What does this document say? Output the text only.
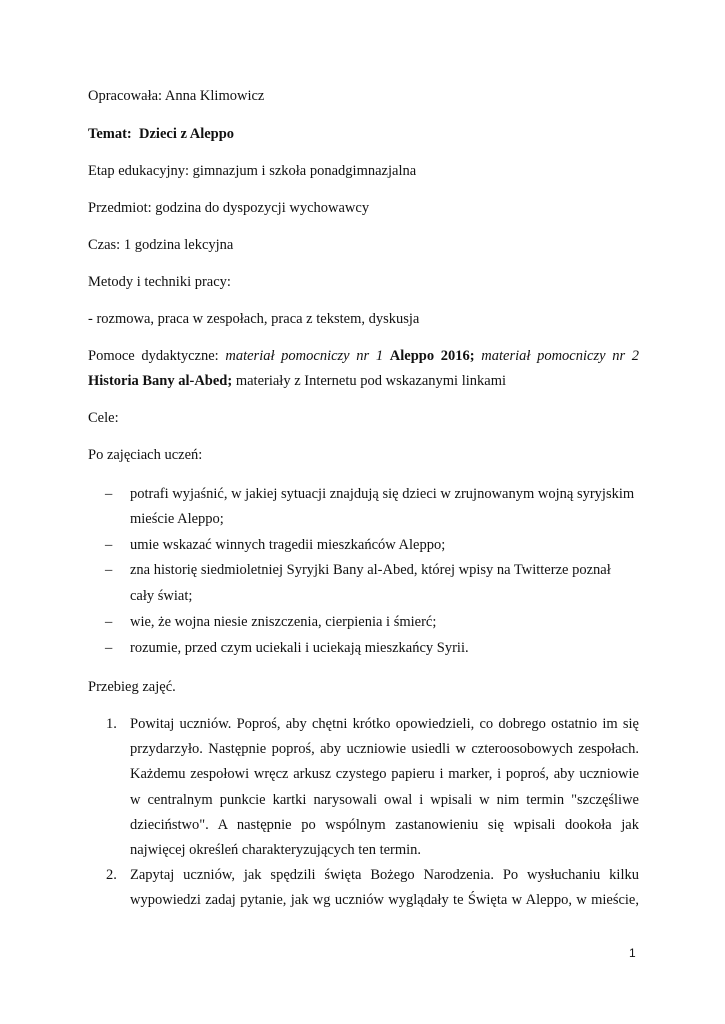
Opracowała: Anna Klimowicz
Temat: Dzieci z Aleppo
Etap edukacyjny: gimnazjum i szkoła ponadgimnazjalna
Przedmiot: godzina do dyspozycji wychowawcy
Czas: 1 godzina lekcyjna
Metody i techniki pracy:
- rozmowa, praca w zespołach, praca z tekstem, dyskusja
Pomoce dydaktyczne: materiał pomocniczy nr 1 Aleppo 2016; materiał pomocniczy nr 2
Historia Bany al-Abed; materiały z Internetu pod wskazanymi linkami
Cele:
Po zajęciach uczeń:
– potrafi wyjaśnić, w jakiej sytuacji znajdują się dzieci w zrujnowanym wojną syryjskim
mieście Aleppo;
– umie wskazać winnych tragedii mieszkańców Aleppo;
– zna historię siedmioletniej Syryjki Bany al-Abed, której wpisy na Twitterze poznał
cały świat;
– wie, że wojna niesie zniszczenia, cierpienia i śmierć;
– rozumie, przed czym uciekali i uciekają mieszkańcy Syrii.
Przebieg zajęć.
1. Powitaj uczniów. Poproś, aby chętni krótko opowiedzieli, co dobrego ostatnio im się
przydarzyło. Następnie poproś, aby uczniowie usiedli w czteroosobowych zespołach.
Każdemu zespołowi wręcz arkusz czystego papieru i marker, i poproś, aby uczniowie
w centralnym punkcie kartki narysowali owal i wpisali w nim termin "szczęśliwe
dzieciństwo". A następnie po wspólnym zastanowieniu się wpisali dookoła jak
najwięcej określeń charakteryzujących ten termin.
2. Zapytaj uczniów, jak spędzili święta Bożego Narodzenia. Po wysłuchaniu kilku
wypowiedzi zadaj pytanie, jak wg uczniów wyglądały te Święta w Aleppo, w mieście,
1
